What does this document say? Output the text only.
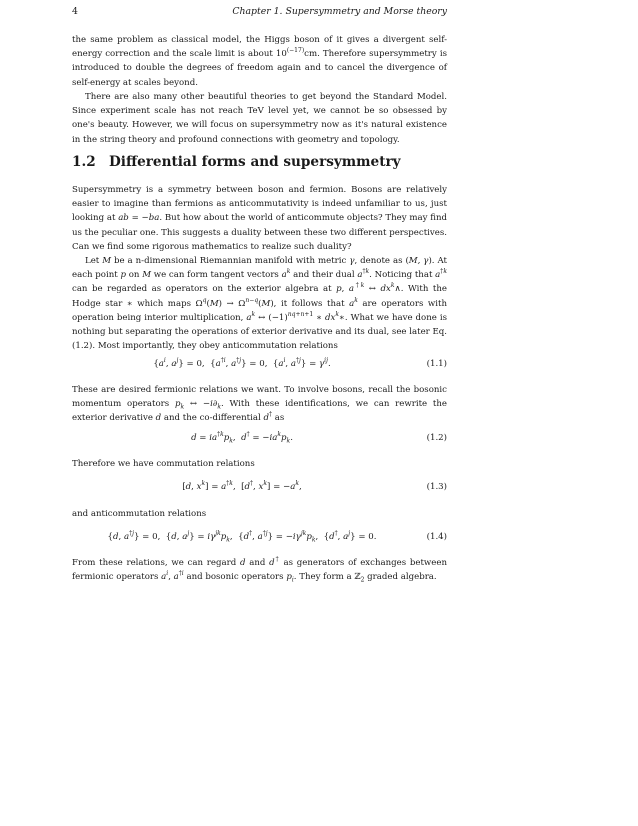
4	Chapter 1. Supersymmetry and Morse theory

the same problem as classical model, the Higgs boson of it gives a divergent self-energy correction and the scale limit is about $10^{(-17)}cm$. Therefore supersymmetry is introduced to double the degrees of freedom again and to cancel the divergence of self-energy at scales beyond.

There are also many other beautiful theories to get beyond the Standard Model. Since experiment scale has not reach TeV level yet, we cannot be so obsessed by one's beauty. However, we will focus on supersymmetry now as it's natural existence in the string theory and profound connections with geometry and topology.

1.2 Differential forms and supersymmetry

Supersymmetry is a symmetry between boson and fermion. Bosons are relatively easier to imagine than fermions as anticommutativity is indeed unfamiliar to us, just looking at ab = −ba. But how about the world of anticommute objects? They may find us the peculiar one. This suggests a duality between these two different perspectives. Can we find some rigorous mathematics to realize such duality?

Let M be a n-dimensional Riemannian manifold with metric γ, denote as (M, γ). At each point p on M we can form tangent vectors $a^k$ and their dual $a^{\dagger k}$. Noticing that $a^{\dagger k}$ can be regarded as operators on the exterior algebra at p, $a^{\dagger k}$ ↔ $dx^k\wedge$. With the Hodge star ∗ which maps $\Omega^q(M) \to \Omega^{n-q}(M)$, it follows that $a^k$ are operators with operation being interior multiplication, $a^k$ ↔ $(-1)^{nq+n+1}$ ∗ $dx^k∗$. What we have done is nothing but separating the operations of exterior derivative and its dual, see later Eq.(1.2). Most importantly, they obey anticommutation relations

{$a^i$, $a^j\} = 0$,  {$a^{\dagger i}$, $a^{\dagger j}\} = 0$,  {$a^i$, $a^{\dagger j}\} = \gamma^{ij}$.	(1.1)

These are desired fermionic relations we want. To involve bosons, recall the bosonic momentum operators $p_k$ ↔ $-i\partial_k$. With these identifications, we can rewrite the exterior derivative d and the co-differential d† as

$d = ia^{\dagger k}p_k$,  $d^\dagger = -ia^kp_k$.	(1.2)

Therefore we have commutation relations

[d, $x^k] = a^{\dagger k}$,  [d†, $x^k] = -a^k$,	(1.3)

and anticommutation relations

{d, $a^{\dagger j}\} = 0$,  {d, $a^j\} = i\gamma^{jk}p_k$,  {d†, $a^{\dagger j}\} = -i\gamma^{jk}p_k$,  {d†, $a^j\} = 0$.	(1.4)

From these relations, we can regard d and d† as generators of exchanges between fermionic operators $a^i$, $a^{\dagger i}$ and bosonic operators $p_i$. They form a ℤ$_2$ graded algebra.
